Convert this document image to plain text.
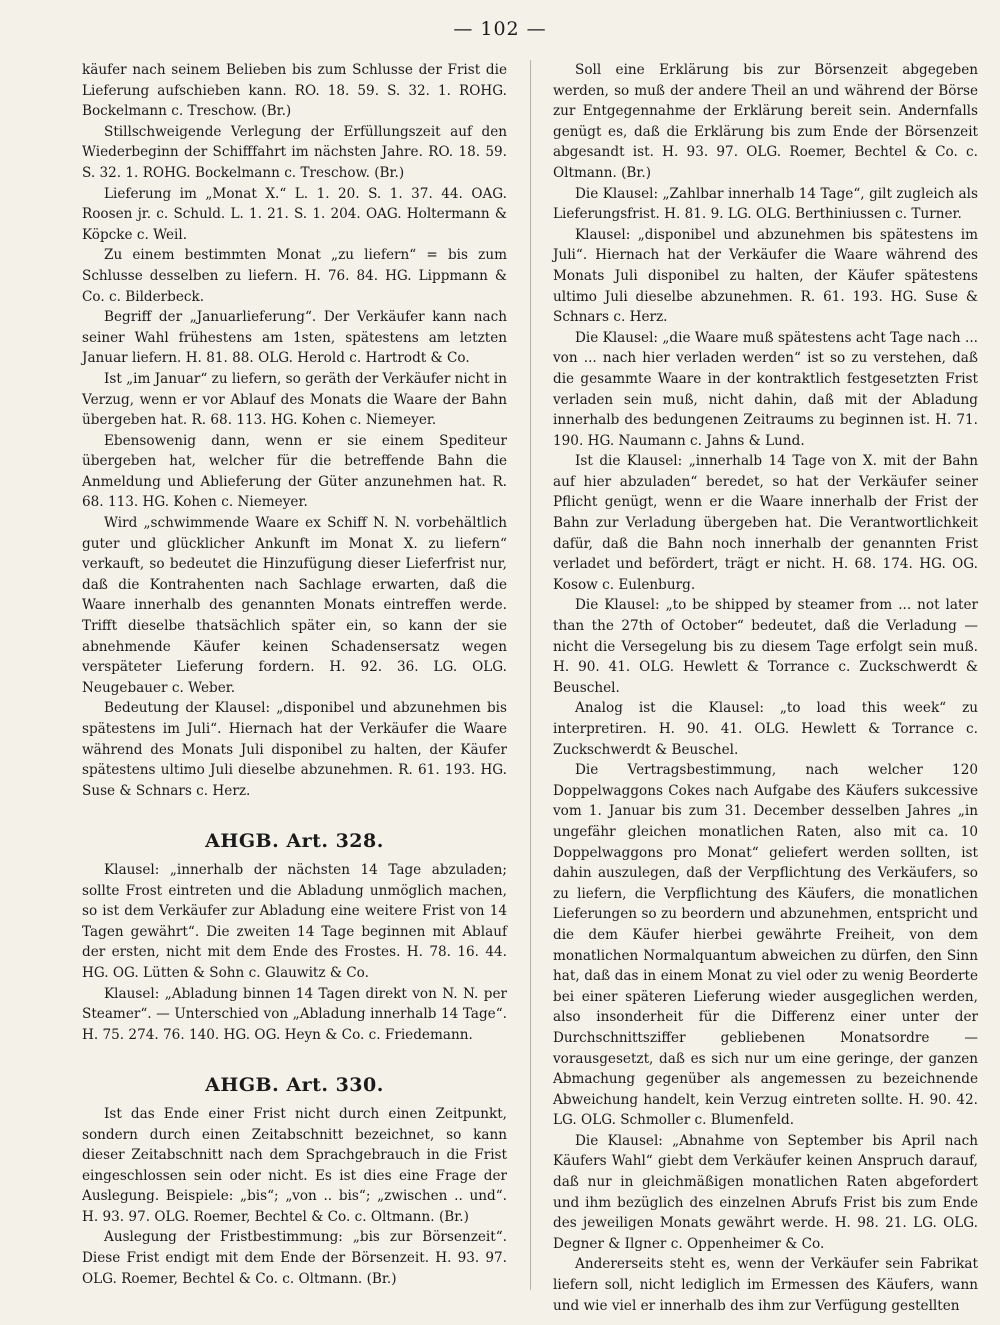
— 102 —

käufer nach seinem Belieben bis zum Schlusse der Frist die Lieferung aufschieben kann. RO. 18. 59. S. 32. 1. ROHG. Bockelmann c. Treschow. (Br.)

Stillschweigende Verlegung der Erfüllungszeit auf den Wiederbeginn der Schifffahrt im nächsten Jahre. RO. 18. 59. S. 32. 1. ROHG. Bockelmann c. Treschow. (Br.)

Lieferung im „Monat X.“ L. 1. 20. S. 1. 37. 44. OAG. Roosen jr. c. Schuld. L. 1. 21. S. 1. 204. OAG. Holtermann & Köpcke c. Weil.

Zu einem bestimmten Monat „zu liefern“ = bis zum Schlusse desselben zu liefern. H. 76. 84. HG. Lippmann & Co. c. Bilderbeck.

Begriff der „Januarlieferung“. Der Verkäufer kann nach seiner Wahl frühestens am 1sten, spätestens am letzten Januar liefern. H. 81. 88. OLG. Herold c. Hartrodt & Co.

Ist „im Januar“ zu liefern, so geräth der Verkäufer nicht in Verzug, wenn er vor Ablauf des Monats die Waare der Bahn übergeben hat. R. 68. 113. HG. Kohen c. Niemeyer.

Ebensowenig dann, wenn er sie einem Spediteur übergeben hat, welcher für die betreffende Bahn die Anmeldung und Ablieferung der Güter anzunehmen hat. R. 68. 113. HG. Kohen c. Niemeyer.

Wird „schwimmende Waare ex Schiff N. N. vorbehältlich guter und glücklicher Ankunft im Monat X. zu liefern“ verkauft, so bedeutet die Hinzufügung dieser Lieferfrist nur, daß die Kontrahenten nach Sachlage erwarten, daß die Waare innerhalb des genannten Monats eintreffen werde. Trifft dieselbe thatsächlich später ein, so kann der sie abnehmende Käufer keinen Schadensersatz wegen verspäteter Lieferung fordern. H. 92. 36. LG. OLG. Neugebauer c. Weber.

Bedeutung der Klausel: „disponibel und abzunehmen bis spätestens im Juli“. Hiernach hat der Verkäufer die Waare während des Monats Juli disponibel zu halten, der Käufer spätestens ultimo Juli dieselbe abzunehmen. R. 61. 193. HG. Suse & Schnars c. Herz.

AHGB. Art. 328.

Klausel: „innerhalb der nächsten 14 Tage abzuladen; sollte Frost eintreten und die Abladung unmöglich machen, so ist dem Verkäufer zur Abladung eine weitere Frist von 14 Tagen gewährt“. Die zweiten 14 Tage beginnen mit Ablauf der ersten, nicht mit dem Ende des Frostes. H. 78. 16. 44. HG. OG. Lütten & Sohn c. Glauwitz & Co.

Klausel: „Abladung binnen 14 Tagen direkt von N. N. per Steamer“. — Unterschied von „Abladung innerhalb 14 Tage“. H. 75. 274. 76. 140. HG. OG. Heyn & Co. c. Friedemann.

AHGB. Art. 330.

Ist das Ende einer Frist nicht durch einen Zeitpunkt, sondern durch einen Zeitabschnitt bezeichnet, so kann dieser Zeitabschnitt nach dem Sprachgebrauch in die Frist eingeschlossen sein oder nicht. Es ist dies eine Frage der Auslegung. Beispiele: „bis“; „von .. bis“; „zwischen .. und“. H. 93. 97. OLG. Roemer, Bechtel & Co. c. Oltmann. (Br.)

Auslegung der Fristbestimmung: „bis zur Börsenzeit“. Diese Frist endigt mit dem Ende der Börsenzeit. H. 93. 97. OLG. Roemer, Bechtel & Co. c. Oltmann. (Br.)

Soll eine Erklärung bis zur Börsenzeit abgegeben werden, so muß der andere Theil an und während der Börse zur Entgegennahme der Erklärung bereit sein. Andernfalls genügt es, daß die Erklärung bis zum Ende der Börsenzeit abgesandt ist. H. 93. 97. OLG. Roemer, Bechtel & Co. c. Oltmann. (Br.)

Die Klausel: „Zahlbar innerhalb 14 Tage“, gilt zugleich als Lieferungsfrist. H. 81. 9. LG. OLG. Berthiniussen c. Turner.

Klausel: „disponibel und abzunehmen bis spätestens im Juli“. Hiernach hat der Verkäufer die Waare während des Monats Juli disponibel zu halten, der Käufer spätestens ultimo Juli dieselbe abzunehmen. R. 61. 193. HG. Suse & Schnars c. Herz.

Die Klausel: „die Waare muß spätestens acht Tage nach ... von ... nach hier verladen werden“ ist so zu verstehen, daß die gesammte Waare in der kontraktlich festgesetzten Frist verladen sein muß, nicht dahin, daß mit der Abladung innerhalb des bedungenen Zeitraums zu beginnen ist. H. 71. 190. HG. Naumann c. Jahns & Lund.

Ist die Klausel: „innerhalb 14 Tage von X. mit der Bahn auf hier abzuladen“ beredet, so hat der Verkäufer seiner Pflicht genügt, wenn er die Waare innerhalb der Frist der Bahn zur Verladung übergeben hat. Die Verantwortlichkeit dafür, daß die Bahn noch innerhalb der genannten Frist verladet und befördert, trägt er nicht. H. 68. 174. HG. OG. Kosow c. Eulenburg.

Die Klausel: „to be shipped by steamer from ... not later than the 27th of October“ bedeutet, daß die Verladung — nicht die Versegelung bis zu diesem Tage erfolgt sein muß. H. 90. 41. OLG. Hewlett & Torrance c. Zuckschwerdt & Beuschel.

Analog ist die Klausel: „to load this week“ zu interpretiren. H. 90. 41. OLG. Hewlett & Torrance c. Zuckschwerdt & Beuschel.

Die Vertragsbestimmung, nach welcher 120 Doppelwaggons Cokes nach Aufgabe des Käufers sukcessive vom 1. Januar bis zum 31. December desselben Jahres „in ungefähr gleichen monatlichen Raten, also mit ca. 10 Doppelwaggons pro Monat“ geliefert werden sollten, ist dahin auszulegen, daß der Verpflichtung des Verkäufers, so zu liefern, die Verpflichtung des Käufers, die monatlichen Lieferungen so zu beordern und abzunehmen, entspricht und die dem Käufer hierbei gewährte Freiheit, von dem monatlichen Normalquantum abweichen zu dürfen, den Sinn hat, daß das in einem Monat zu viel oder zu wenig Beorderte bei einer späteren Lieferung wieder ausgeglichen werden, also insonderheit für die Differenz einer unter der Durchschnittsziffer gebliebenen Monatsordre — vorausgesetzt, daß es sich nur um eine geringe, der ganzen Abmachung gegenüber als angemessen zu bezeichnende Abweichung handelt, kein Verzug eintreten sollte. H. 90. 42. LG. OLG. Schmoller c. Blumenfeld.

Die Klausel: „Abnahme von September bis April nach Käufers Wahl“ giebt dem Verkäufer keinen Anspruch darauf, daß nur in gleichmäßigen monatlichen Raten abgefordert und ihm bezüglich des einzelnen Abrufs Frist bis zum Ende des jeweiligen Monats gewährt werde. H. 98. 21. LG. OLG. Degner & Ilgner c. Oppenheimer & Co.

Andererseits steht es, wenn der Verkäufer sein Fabrikat liefern soll, nicht lediglich im Ermessen des Käufers, wann und wie viel er innerhalb des ihm zur Verfügung gestellten
